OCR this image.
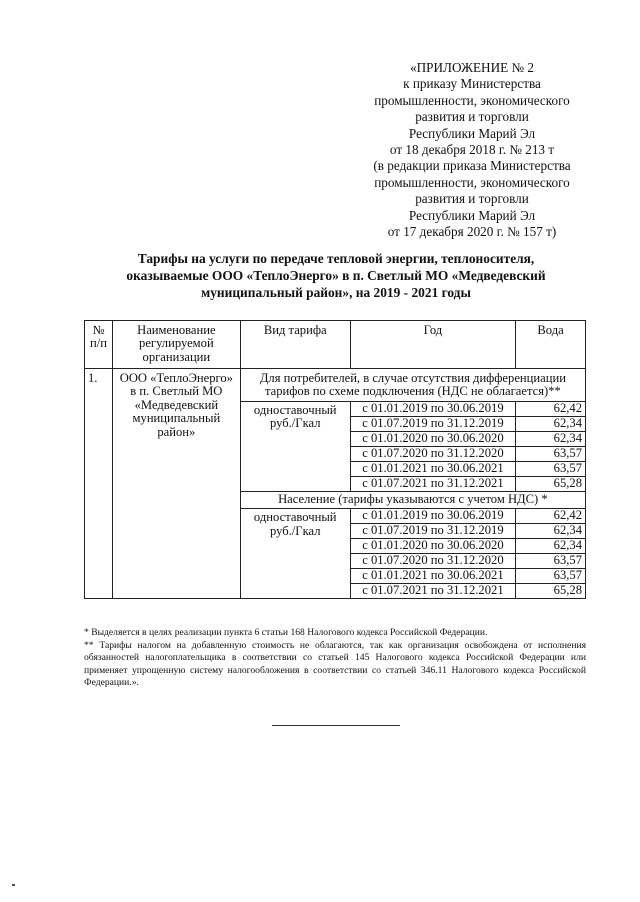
«ПРИЛОЖЕНИЕ № 2
к приказу Министерства
промышленности, экономического
развития и торговли
Республики Марий Эл
от 18 декабря 2018 г. № 213 т
(в редакции приказа Министерства
промышленности, экономического
развития и торговли
Республики Марий Эл
от 17 декабря 2020 г. № 157 т)
Тарифы на услуги по передаче тепловой энергии, теплоносителя,
оказываемые ООО «ТеплоЭнерго» в п. Светлый МО «Медведевский
муниципальный район», на 2019 - 2021 годы
№ п/п	Наименование регулируемой организации	Вид тарифа	Год	Вода
1.	ООО «ТеплоЭнерго» в п. Светлый МО «Медведевский муниципальный район»	Для потребителей, в случае отсутствия дифференциации тарифов по схеме подключения (НДС не облагается)**		
		одноставочный руб./Гкал	с 01.01.2019 по 30.06.2019	62,42
			с 01.07.2019 по 31.12.2019	62,34
			с 01.01.2020 по 30.06.2020	62,34
			с 01.07.2020 по 31.12.2020	63,57
			с 01.01.2021 по 30.06.2021	63,57
			с 01.07.2021 по 31.12.2021	65,28
		Население (тарифы указываются с учетом НДС) *		
		одноставочный руб./Гкал	с 01.01.2019 по 30.06.2019	62,42
			с 01.07.2019 по 31.12.2019	62,34
			с 01.01.2020 по 30.06.2020	62,34
			с 01.07.2020 по 31.12.2020	63,57
			с 01.01.2021 по 30.06.2021	63,57
			с 01.07.2021 по 31.12.2021	65,28

* Выделяется в целях реализации пункта 6 статьи 168 Налогового кодекса Российской Федерации.

** Тарифы налогом на добавленную стоимость не облагаются, так как организация освобождена от исполнения обязанностей налогоплательщика в соответствии со статьей 145 Налогового кодекса Российской Федерации или применяет упрощенную систему налогообложения в соответствии со статьей 346.11 Налогового кодекса Российской Федерации.».
